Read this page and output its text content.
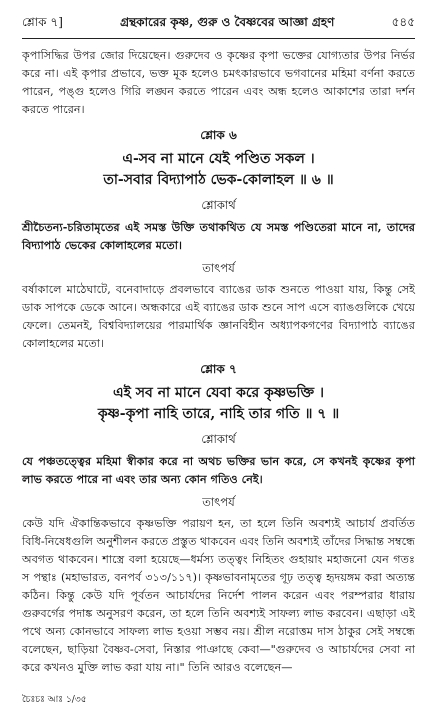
শ্লোক ৭]	গ্রন্থকারের কৃষ্ণ, গুরু ও বৈষ্ণবের আজ্ঞা গ্রহণ	৫৪৫

কৃপাসিদ্ধির উপর জোর দিয়েছেন। গুরুদেব ও কৃষ্ণের কৃপা ভক্তের যোগ্যতার উপর নির্ভর করে না। এই কৃপার প্রভাবে, ভক্ত মূক হলেও চমৎকারভাবে ভগবানের মহিমা বর্ণনা করতে পারেন, পঙ্গু হলেও গিরি লঙ্ঘন করতে পারেন এবং অন্ধ হলেও আকাশের তারা দর্শন করতে পারেন।

শ্লোক ৬
এ-সব না মানে যেই পণ্ডিত সকল ।
তা-সবার বিদ্যাপাঠ ভেক-কোলাহল ॥ ৬ ॥
শ্লোকার্থ

শ্রীচৈতন্য-চরিতামৃতের এই সমস্ত উক্তি তথাকথিত যে সমস্ত পণ্ডিতেরা মানে না, তাদের বিদ্যাপাঠ ভেকের কোলাহলের মতো।

তাৎপর্য

বর্ষাকালে মাঠেঘাটে, বনেবাদাড়ে প্রবলভাবে ব্যাঙের ডাক শুনতে পাওয়া যায়, কিন্তু সেই ডাক সাপকে ডেকে আনে। অন্ধকারে এই ব্যাঙের ডাক শুনে সাপ এসে ব্যাঙগুলিকে খেয়ে ফেলে। তেমনই, বিশ্ববিদ্যালয়ের পারমার্থিক জ্ঞানবিহীন অধ্যাপকগণের বিদ্যাপাঠ ব্যাঙের কোলাহলের মতো।

শ্লোক ৭
এই সব না মানে যেবা করে কৃষ্ণভক্তি ।
কৃষ্ণ-কৃপা নাহি তারে, নাহি তার গতি ॥ ৭ ॥
শ্লোকার্থ

যে পঞ্চতত্ত্বের মহিমা স্বীকার করে না অথচ ভক্তির ভান করে, সে কখনই কৃষ্ণের কৃপা লাভ করতে পারে না এবং তার অন্য কোন গতিও নেই।

তাৎপর্য

কেউ যদি ঐকান্তিকভাবে কৃষ্ণভক্তি পরায়ণ হন, তা হলে তিনি অবশ্যই আচার্য প্রবর্তিত বিধি-নিষেধগুলি অনুশীলন করতে প্রস্তুত থাকবেন এবং তিনি অবশ্যই তাঁদের সিদ্ধান্ত সম্বন্ধে অবগত থাকবেন। শাস্ত্রে বলা হয়েছে—ধর্মস্য তত্ত্বং নিহিতং গুহায়াং মহাজনো যেন গতঃ স পন্থাঃ (মহাভারত, বনপর্ব ৩১৩/১১৭)। কৃষ্ণভাবনামৃতের গূঢ় তত্ত্ব হৃদয়ঙ্গম করা অত্যন্ত কঠিন। কিন্তু কেউ যদি পূর্বতন আচার্যদের নির্দেশ পালন করেন এবং পরম্পরার ধারায় গুরুবর্গের পদাঙ্ক অনুসরণ করেন, তা হলে তিনি অবশ্যই সাফল্য লাভ করবেন। এছাড়া এই পথে অন্য কোনভাবে সাফল্য লাভ হওয়া সম্ভব নয়। শ্রীল নরোত্তম দাস ঠাকুর সেই সম্বন্ধে বলেছেন, ছাড়িয়া বৈষ্ণব-সেবা, নিস্তার পাঞাছে কেবা—"গুরুদেব ও আচার্যদের সেবা না করে কখনও মুক্তি লাভ করা যায় না।" তিনি আরও বলেছেন—

চৈঃচঃ আঃ ১/৩৫
